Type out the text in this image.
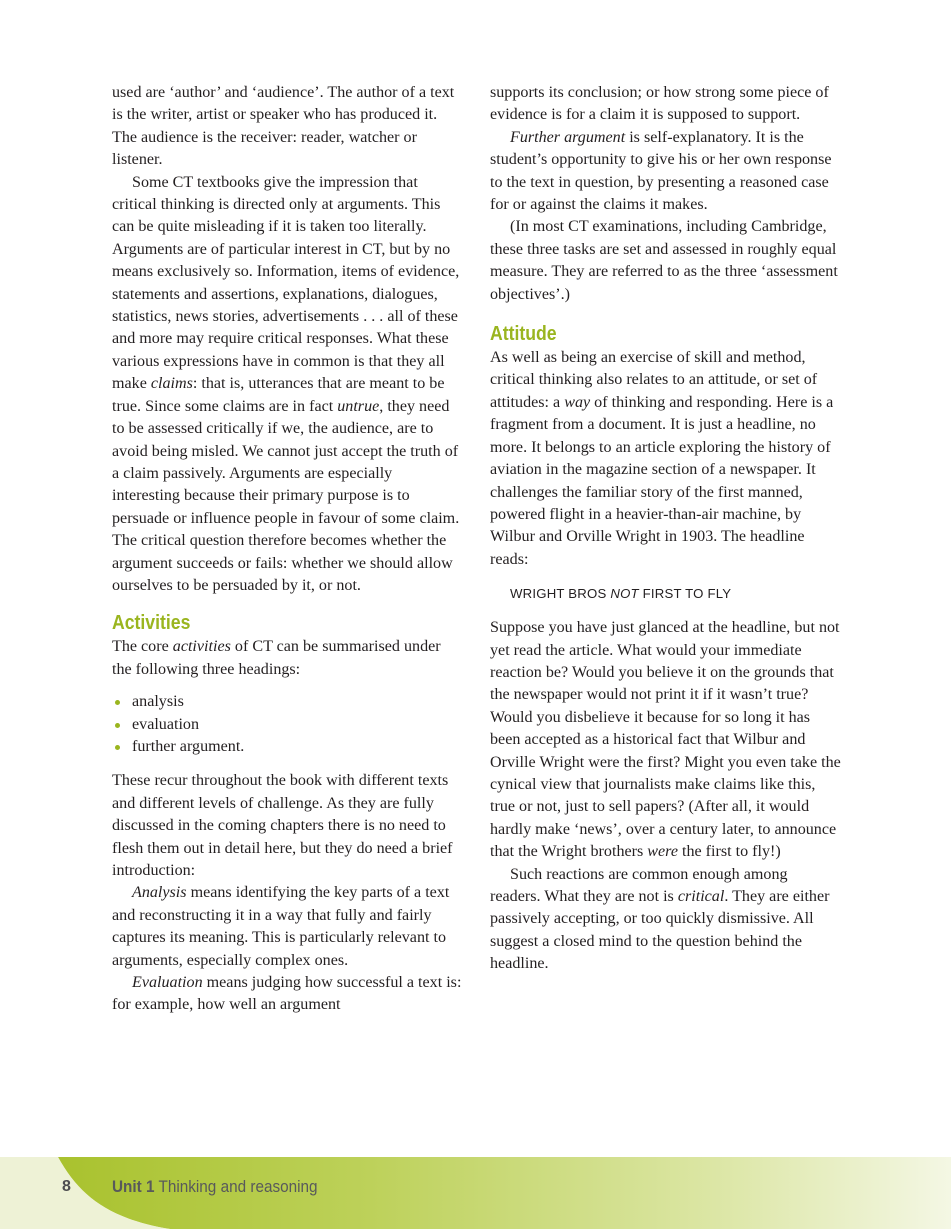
used are ‘author’ and ‘audience’. The author of a text is the writer, artist or speaker who has produced it. The audience is the receiver: reader, watcher or listener.

Some CT textbooks give the impression that critical thinking is directed only at arguments. This can be quite misleading if it is taken too literally. Arguments are of particular interest in CT, but by no means exclusively so. Information, items of evidence, statements and assertions, explanations, dialogues, statistics, news stories, advertisements . . . all of these and more may require critical responses. What these various expressions have in common is that they all make claims: that is, utterances that are meant to be true. Since some claims are in fact untrue, they need to be assessed critically if we, the audience, are to avoid being misled. We cannot just accept the truth of a claim passively. Arguments are especially interesting because their primary purpose is to persuade or influence people in favour of some claim. The critical question therefore becomes whether the argument succeeds or fails: whether we should allow ourselves to be persuaded by it, or not.

Activities

The core activities of CT can be summarised under the following three headings:

analysis
evaluation
further argument.

These recur throughout the book with different texts and different levels of challenge. As they are fully discussed in the coming chapters there is no need to flesh them out in detail here, but they do need a brief introduction:

Analysis means identifying the key parts of a text and reconstructing it in a way that fully and fairly captures its meaning. This is particularly relevant to arguments, especially complex ones.

Evaluation means judging how successful a text is: for example, how well an argument

supports its conclusion; or how strong some piece of evidence is for a claim it is supposed to support.

Further argument is self-explanatory. It is the student’s opportunity to give his or her own response to the text in question, by presenting a reasoned case for or against the claims it makes.

(In most CT examinations, including Cambridge, these three tasks are set and assessed in roughly equal measure. They are referred to as the three ‘assessment objectives’.)

Attitude

As well as being an exercise of skill and method, critical thinking also relates to an attitude, or set of attitudes: a way of thinking and responding. Here is a fragment from a document. It is just a headline, no more. It belongs to an article exploring the history of aviation in the magazine section of a newspaper. It challenges the familiar story of the first manned, powered flight in a heavier-than-air machine, by Wilbur and Orville Wright in 1903. The headline reads:

WRIGHT BROS NOT FIRST TO FLY

Suppose you have just glanced at the headline, but not yet read the article. What would your immediate reaction be? Would you believe it on the grounds that the newspaper would not print it if it wasn’t true? Would you disbelieve it because for so long it has been accepted as a historical fact that Wilbur and Orville Wright were the first? Might you even take the cynical view that journalists make claims like this, true or not, just to sell papers? (After all, it would hardly make ‘news’, over a century later, to announce that the Wright brothers were the first to fly!)

Such reactions are common enough among readers. What they are not is critical. They are either passively accepting, or too quickly dismissive. All suggest a closed mind to the question behind the headline.

8 Unit 1 Thinking and reasoning
